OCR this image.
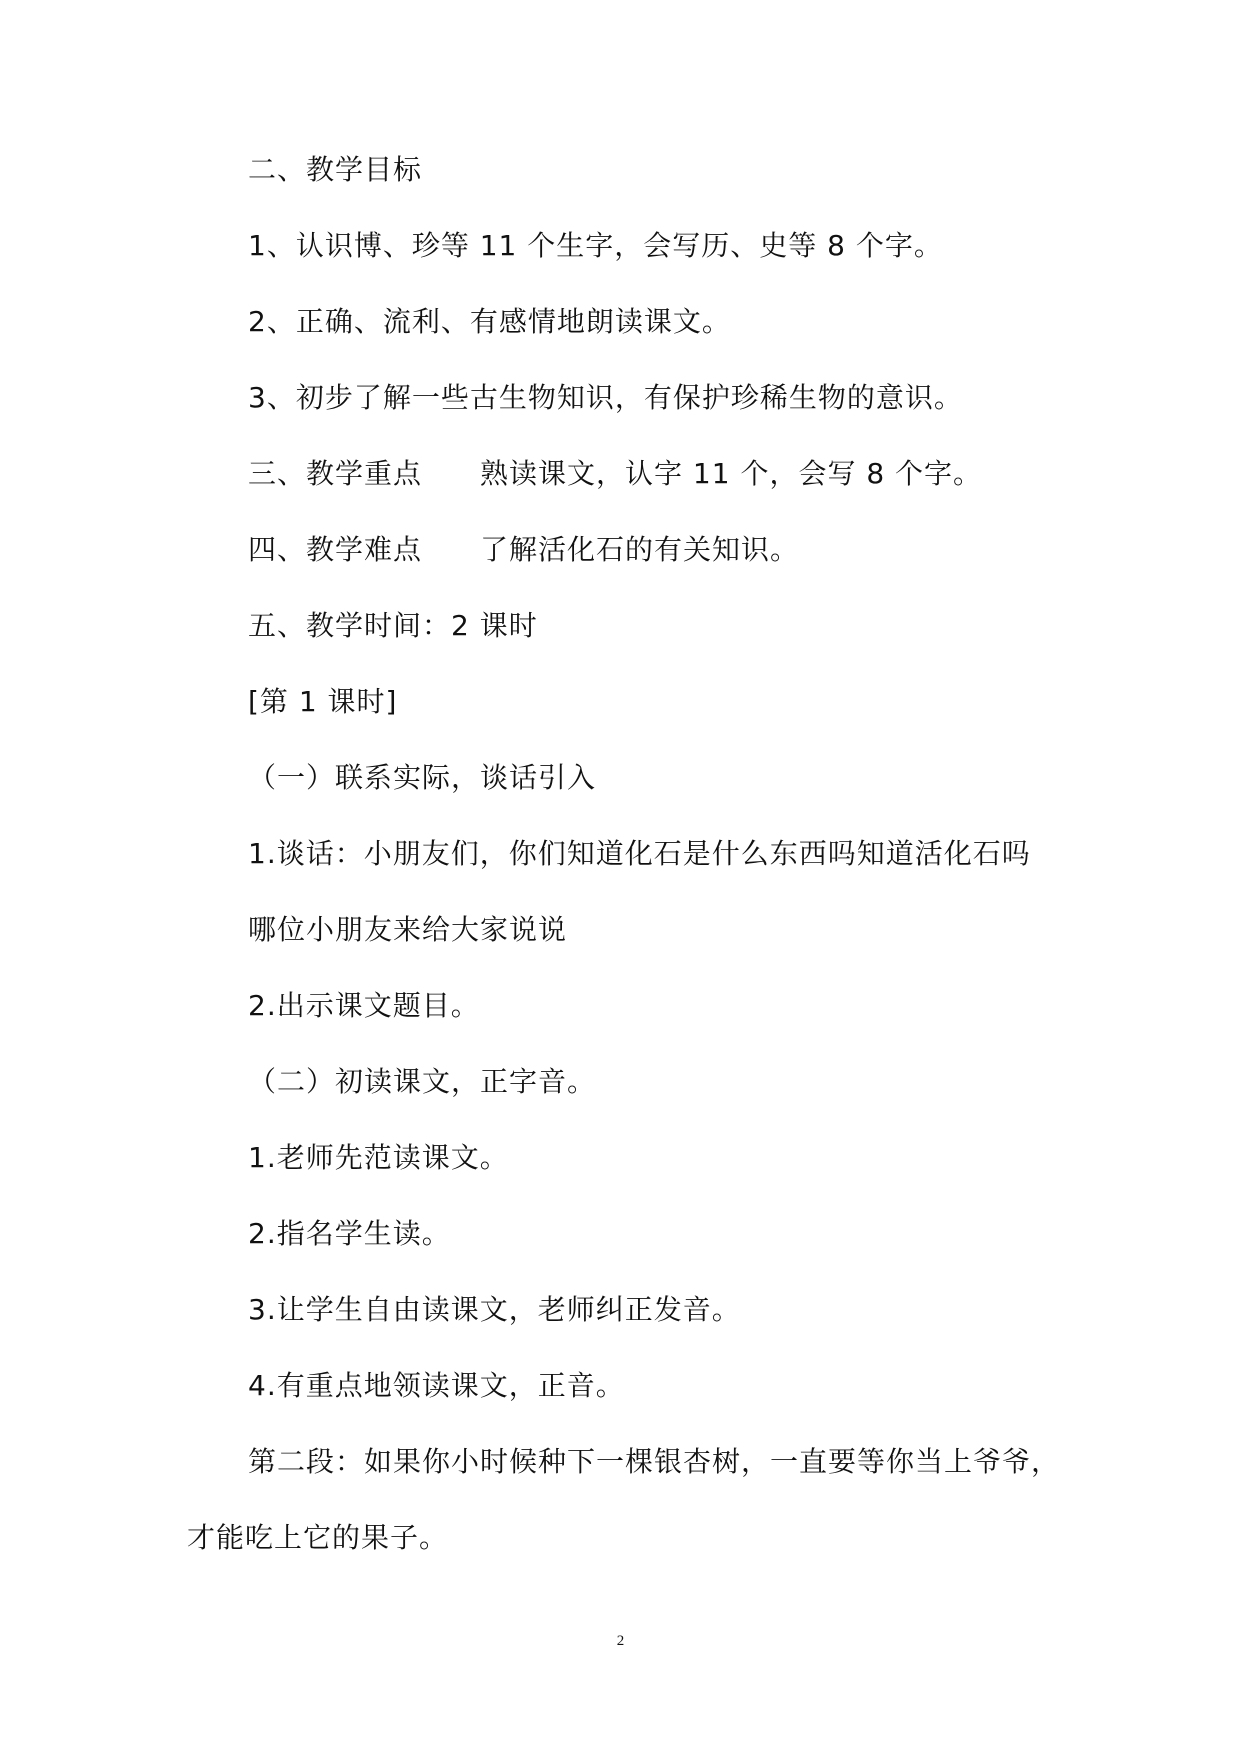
二、教学目标
1、认识博、珍等 11 个生字，会写历、史等 8 个字。
2、正确、流利、有感情地朗读课文。
3、初步了解一些古生物知识，有保护珍稀生物的意识。
三、教学重点 熟读课文，认字 11 个，会写 8 个字。
四、教学难点 了解活化石的有关知识。
五、教学时间：2 课时
[第 1 课时]
（一）联系实际，谈话引入
1.谈话：小朋友们，你们知道化石是什么东西吗知道活化石吗
哪位小朋友来给大家说说
2.出示课文题目。
（二）初读课文，正字音。
1.老师先范读课文。
2.指名学生读。
3.让学生自由读课文，老师纠正发音。
4.有重点地领读课文，正音。
第二段：如果你小时候种下一棵银杏树，一直要等你当上爷爷，
才能吃上它的果子。
2
